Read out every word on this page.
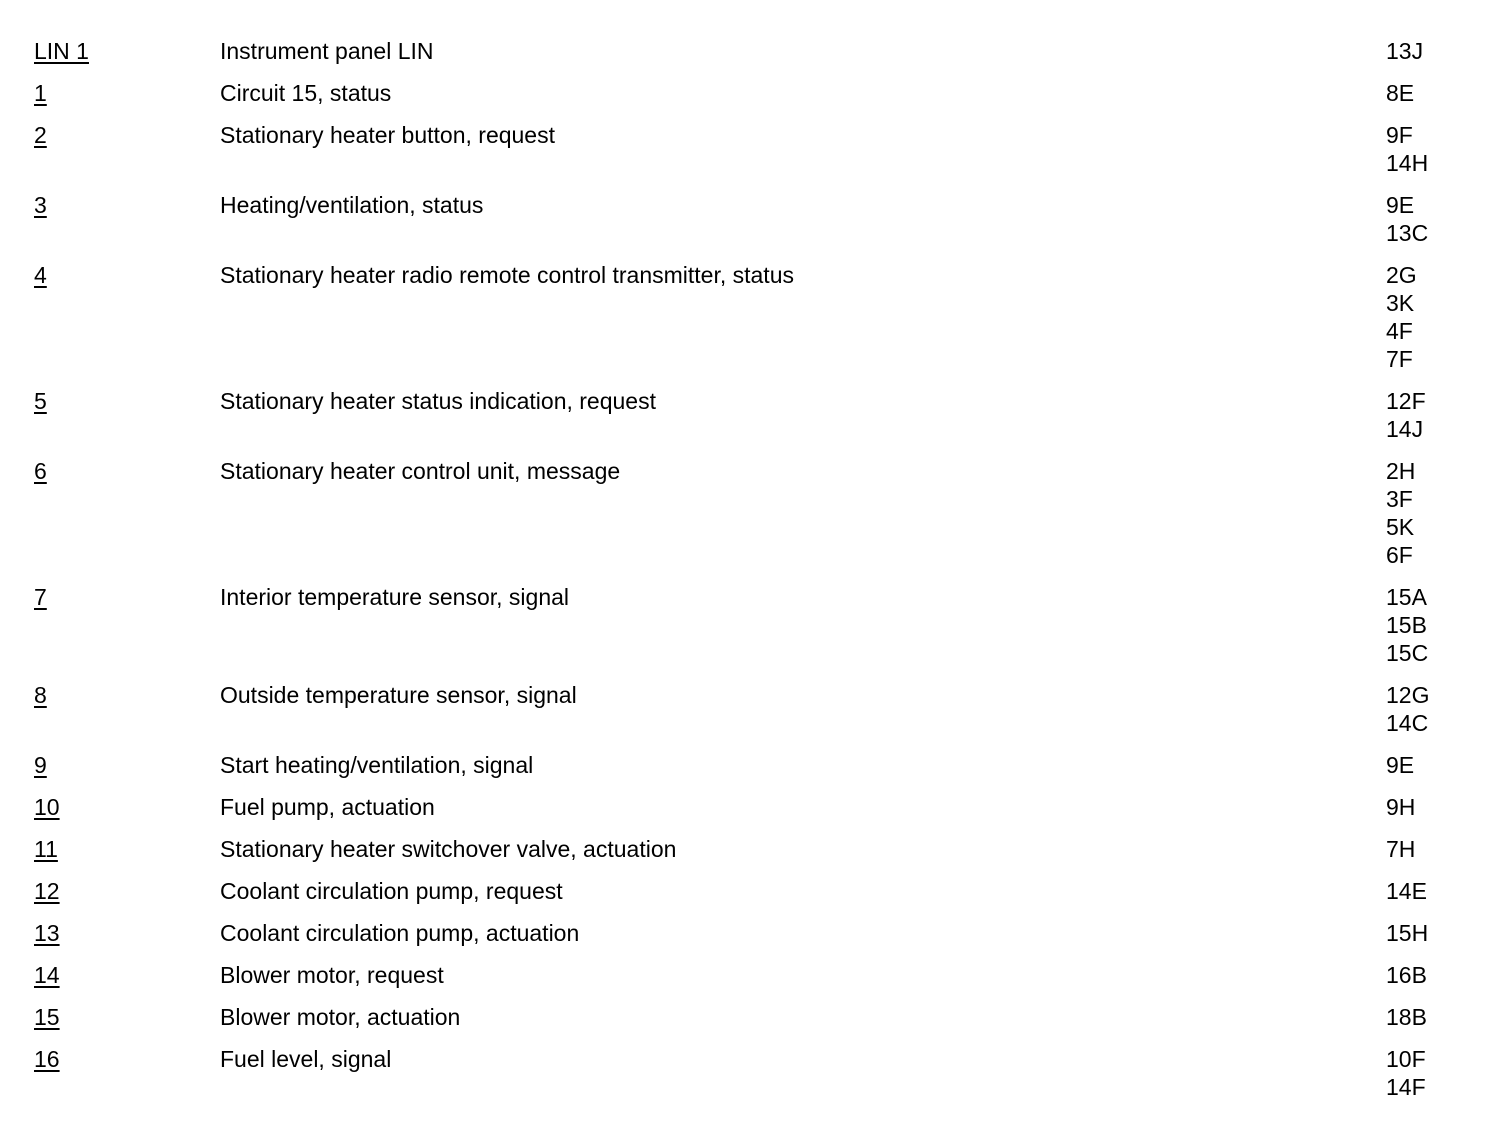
LIN 1	Instrument panel LIN	13J
1	Circuit 15, status	8E
2	Stationary heater button, request	9F
14H
3	Heating/ventilation, status	9E
13C
4	Stationary heater radio remote control transmitter, status	2G
3K
4F
7F
5	Stationary heater status indication, request	12F
14J
6	Stationary heater control unit, message	2H
3F
5K
6F
7	Interior temperature sensor, signal	15A
15B
15C
8	Outside temperature sensor, signal	12G
14C
9	Start heating/ventilation, signal	9E
10	Fuel pump, actuation	9H
11	Stationary heater switchover valve, actuation	7H
12	Coolant circulation pump, request	14E
13	Coolant circulation pump, actuation	15H
14	Blower motor, request	16B
15	Blower motor, actuation	18B
16	Fuel level, signal	10F
14F
